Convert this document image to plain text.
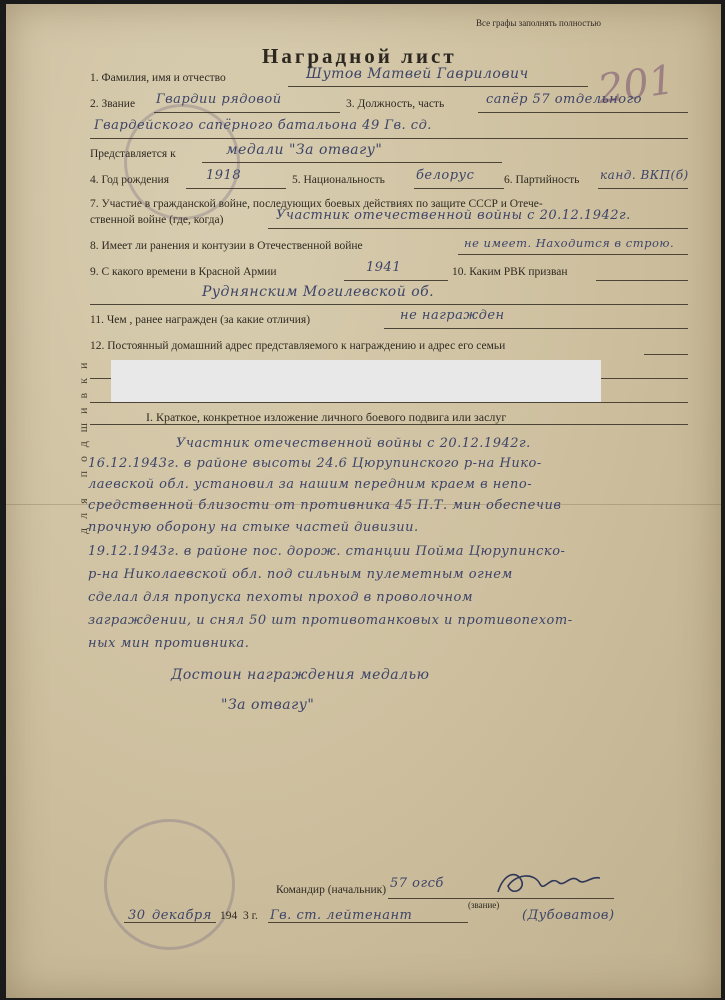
Все графы заполнять полностью
201
Наградной лист
для подшивки
1. Фамилия, имя и отчество	Шутов Матвей Гаврилович
2. Звание Гвардии рядовой	3. Должность, часть	сапёр 57 отдельного
Гвардейского сапёрного батальона 49 Гв. сд.
Представляется к	медали "За отвагу"
4. Год рождения	1918	5. Национальность белорус	6. Партийность канд. ВКП(б)
7. Участие в гражданской войне, последующих боевых действиях по защите СССР и Отече-
ственной войне (где, когда)	Участник отечественной войны с 20.12.1942г.
8. Имеет ли ранения и контузии в Отечественной войне	не имеет. Находится в строю.
9. С какого времени в Красной Армии	1941	10. Каким РВК призван
Руднянским Могилевской об.
11. Чем , ранее награжден (за какие отличия)	не награжден
12. Постоянный домашний адрес представляемого к награждению и адрес его семьи
I. Краткое, конкретное изложение личного боевого подвига или заслуг
Участник отечественной войны с 20.12.1942г.
16.12.1943г. в районе высоты 24.6 Цюрупинского р-на Нико-
лаевской обл. установил за нашим передним краем в непо-
средственной близости от противника 45 П.Т. мин обеспечив
прочную оборону на стыке частей дивизии.
19.12.1943г. в районе пос. дорож. станции Пойма Цюрупинско-
р-на Николаевской обл. под сильным пулеметным огнем
сделал для пропуска пехоты проход в проволочном
заграждении, и снял 50 шт противотанковых и противопехот-
ных мин противника.
Достоин награждения медалью
"За отвагу"
Командир (начальник) 57 огсб
(звание)
30 декабря 194 3 г. Гв. ст. лейтенант	(Дубоватов)
